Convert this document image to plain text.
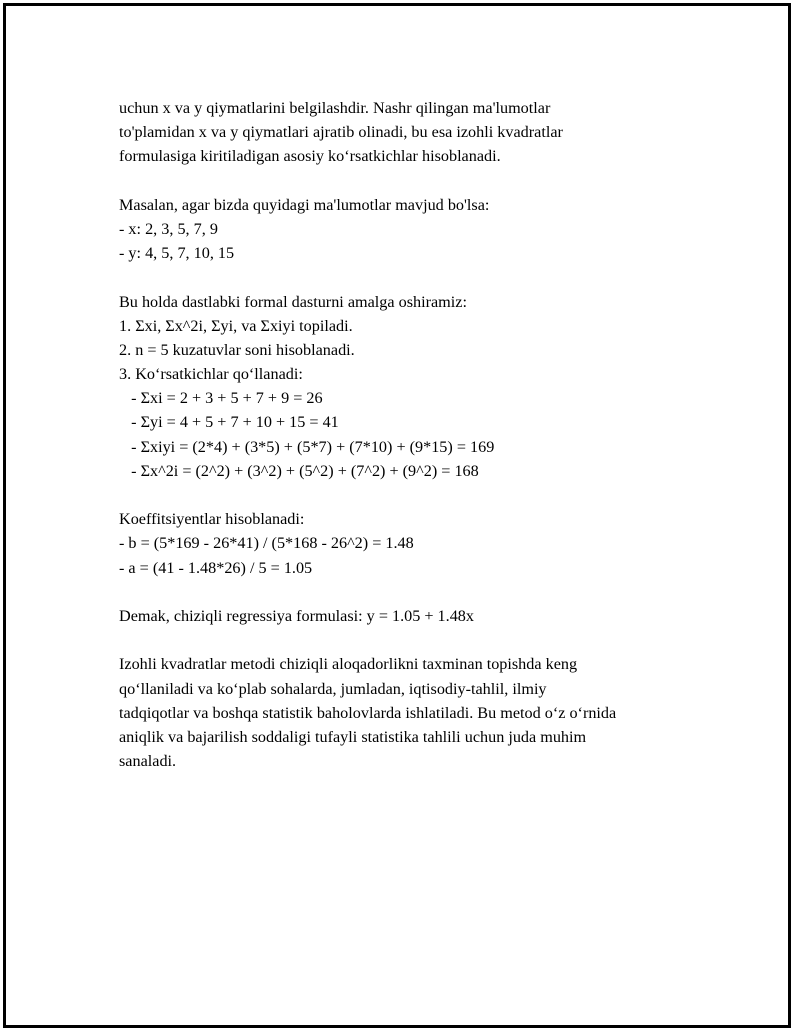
uchun x va y qiymatlarini belgilashdir. Nashr qilingan ma'lumotlar
to'plamidan x va y qiymatlari ajratib olinadi, bu esa izohli kvadratlar
formulasiga kiritiladigan asosiy ko‘rsatkichlar hisoblanadi.
Masalan, agar bizda quyidagi ma'lumotlar mavjud bo'lsa:
- x: 2, 3, 5, 7, 9
- y: 4, 5, 7, 10, 15
Bu holda dastlabki formal dasturni amalga oshiramiz:
1. Σxi, Σx^2i, Σyi, va Σxiyi topiladi.
2. n = 5 kuzatuvlar soni hisoblanadi.
3. Ko‘rsatkichlar qo‘llanadi:
- Σxi = 2 + 3 + 5 + 7 + 9 = 26
- Σyi = 4 + 5 + 7 + 10 + 15 = 41
- Σxiyi = (2*4) + (3*5) + (5*7) + (7*10) + (9*15) = 169
- Σx^2i = (2^2) + (3^2) + (5^2) + (7^2) + (9^2) = 168
Koeffitsiyentlar hisoblanadi:
- b = (5*169 - 26*41) / (5*168 - 26^2) = 1.48
- a = (41 - 1.48*26) / 5 = 1.05
Demak, chiziqli regressiya formulasi: y = 1.05 + 1.48x
Izohli kvadratlar metodi chiziqli aloqadorlikni taxminan topishda keng
qo‘llaniladi va ko‘plab sohalarda, jumladan, iqtisodiy-tahlil, ilmiy
tadqiqotlar va boshqa statistik baholovlarda ishlatiladi. Bu metod o‘z o‘rnida
aniqlik va bajarilish soddaligi tufayli statistika tahlili uchun juda muhim
sanaladi.
